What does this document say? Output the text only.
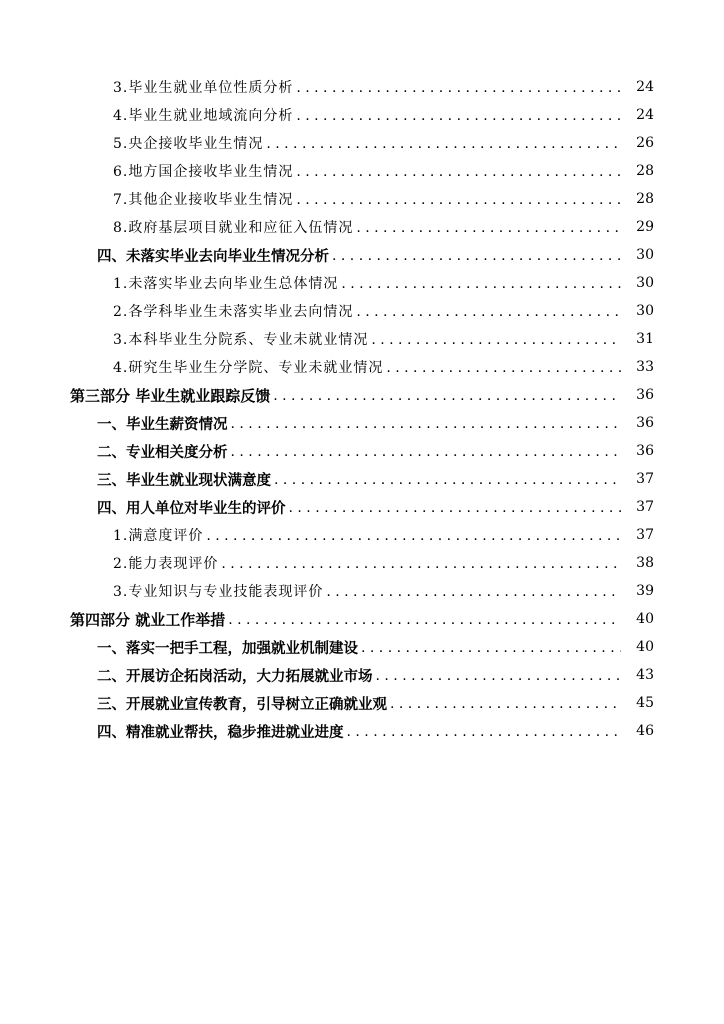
3.毕业生就业单位性质分析 . . .	24
4.毕业生就业地域流向分析 . . .	24
5.央企接收毕业生情况 . . .	26
6.地方国企接收毕业生情况 . . .	28
7.其他企业接收毕业生情况 . . .	28
8.政府基层项目就业和应征入伍情况 . . .	29
四、未落实毕业去向毕业生情况分析 . . .	30
1.未落实毕业去向毕业生总体情况 . . .	30
2.各学科毕业生未落实毕业去向情况 . . .	30
3.本科毕业生分院系、专业未就业情况 . . .	31
4.研究生毕业生分学院、专业未就业情况 . . .	33
第三部分 毕业生就业跟踪反馈 . . .	36
一、毕业生薪资情况 . . .	36
二、专业相关度分析 . . .	36
三、毕业生就业现状满意度 . . .	37
四、用人单位对毕业生的评价 . . .	37
1.满意度评价 . . .	37
2.能力表现评价 . . .	38
3.专业知识与专业技能表现评价 . . .	39
第四部分 就业工作举措 . . .	40
一、落实一把手工程，加强就业机制建设 . . .	40
二、开展访企拓岗活动，大力拓展就业市场 . . .	43
三、开展就业宣传教育，引导树立正确就业观 . . .	45
四、精准就业帮扶，稳步推进就业进度 . . .	46
